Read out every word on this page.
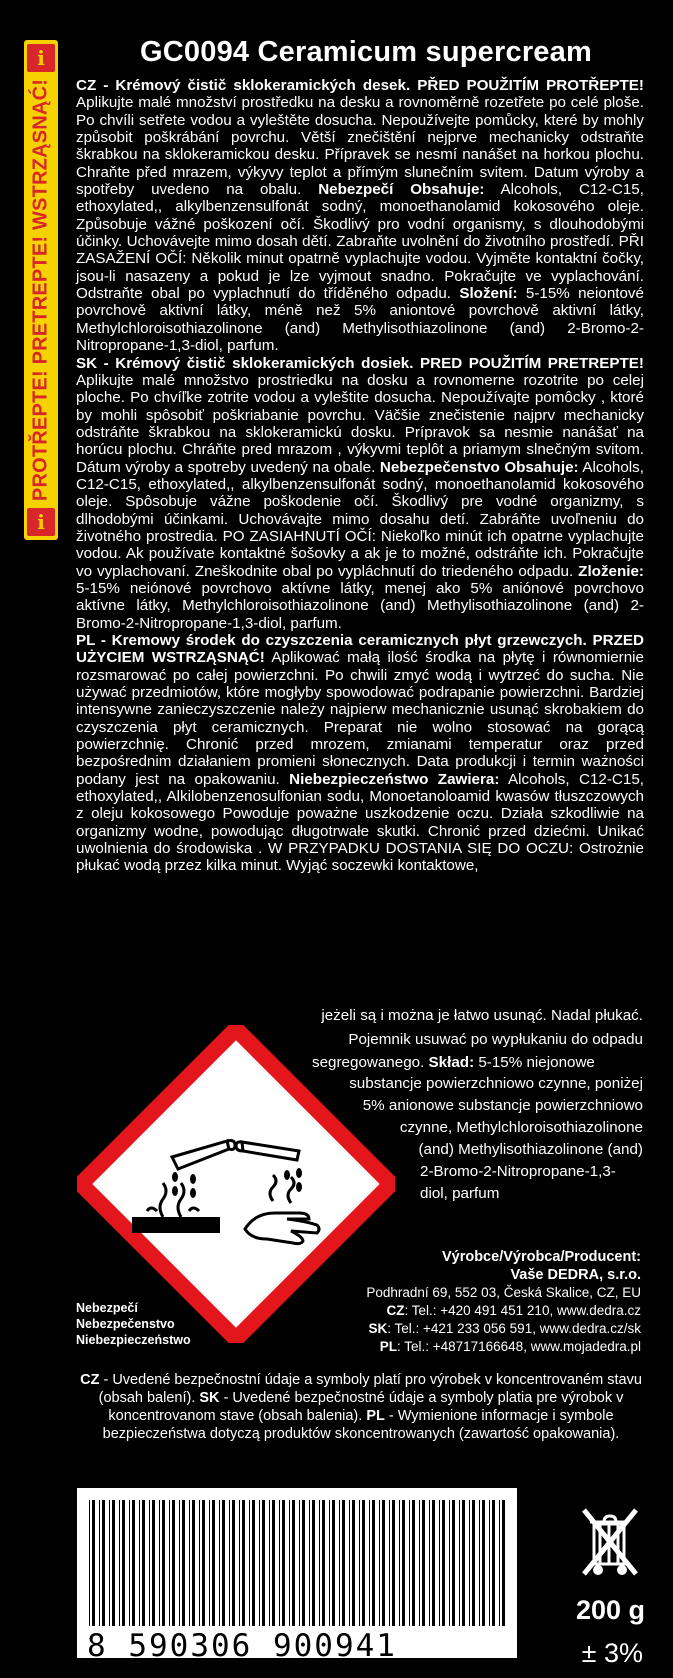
i
PROTŘEPTE! PRETREPTE! WSTRZĄSNĄĆ!
i
GC0094 Ceramicum supercream

CZ - Krémový čistič sklokeramických desek. PŘED POUŽITÍM PROTŘEPTE! Aplikujte malé množství prostředku na desku a rovnoměrně rozetřete po celé ploše. Po chvíli setřete vodou a vyleštěte dosucha. Nepoužívejte pomůcky, které by mohly způsobit poškrábání povrchu. Větší znečištění nejprve mechanicky odstraňte škrabkou na sklokeramickou desku. Přípravek se nesmí nanášet na horkou plochu. Chraňte před mrazem, výkyvy teplot a přímým slunečním svitem. Datum výroby a spotřeby uvedeno na obalu. Nebezpečí Obsahuje: Alcohols, C12-C15, ethoxylated,, alkylbenzensulfonát sodný, monoethanolamid kokosového oleje. Způsobuje vážné poškození očí. Škodlivý pro vodní organismy, s dlouhodobými účinky. Uchovávejte mimo dosah dětí. Zabraňte uvolnění do životního prostředí. PŘI ZASAŽENÍ OČÍ: Několik minut opatrně vyplachujte vodou. Vyjměte kontaktní čočky, jsou-li nasazeny a pokud je lze vyjmout snadno. Pokračujte ve vyplachování. Odstraňte obal po vyplachnutí do tříděného odpadu. Složení: 5-15% neiontové povrchově aktivní látky, méně než 5% aniontové povrchově aktivní látky, Methylchloroisothiazolinone (and) Methylisothiazolinone (and) 2-Bromo-2-Nitropropane-1,3-diol, parfum.

SK - Krémový čistič sklokeramických dosiek. PRED POUŽITÍM PRETREPTE! Aplikujte malé množstvo prostriedku na dosku a rovnomerne rozotrite po celej ploche. Po chvíľke zotrite vodou a vyleštite dosucha. Nepoužívajte pomôcky , ktoré by mohli spôsobiť poškriabanie povrchu. Väčšie znečistenie najprv mechanicky odstráňte škrabkou na sklokeramickú dosku. Prípravok sa nesmie nanášať na horúcu plochu. Chráňte pred mrazom , výkyvmi teplôt a priamym slnečným svitom. Dátum výroby a spotreby uvedený na obale. Nebezpečenstvo Obsahuje: Alcohols, C12-C15, ethoxylated,, alkylbenzensulfonát sodný, monoethanolamid kokosového oleje. Spôsobuje vážne poškodenie očí. Škodlivý pre vodné organizmy, s dlhodobými účinkami. Uchovávajte mimo dosahu detí. Zabráňte uvoľneniu do životného prostredia. PO ZASIAHNUTÍ OČÍ: Niekoľko minút ich opatrne vyplachujte vodou. Ak používate kontaktné šošovky a ak je to možné, odstráňte ich. Pokračujte vo vyplachovaní. Zneškodnite obal po vypláchnutí do triedeného odpadu. Zloženie: 5-15% neiónové povrchovo aktívne látky, menej ako 5% aniónové povrchovo aktívne látky, Methylchloroisothiazolinone (and) Methylisothiazolinone (and) 2-Bromo-2-Nitropropane-1,3-diol, parfum.

PL - Kremowy środek do czyszczenia ceramicznych płyt grzewczych. PRZED UŻYCIEM WSTRZĄSNĄĆ! Aplikować małą ilość środka na płytę i równomiernie rozsmarować po całej powierzchni. Po chwili zmyć wodą i wytrzeć do sucha. Nie używać przedmiotów, które mogłyby spowodować podrapanie powierzchni. Bardziej intensywne zanieczyszczenie należy najpierw mechanicznie usunąć skrobakiem do czyszczenia płyt ceramicznych. Preparat nie wolno stosować na gorącą powierzchnię. Chronić przed mrozem, zmianami temperatur oraz przed bezpośrednim działaniem promieni słonecznych. Data produkcji i termin ważności podany jest na opakowaniu. Niebezpieczeństwo Zawiera: Alcohols, C12-C15, ethoxylated,, Alkilobenzenosulfonian sodu, Monoetanoloamid kwasów tłuszczowych z oleju kokosowego Powoduje poważne uszkodzenie oczu. Działa szkodliwie na organizmy wodne, powodując długotrwałe skutki. Chronić przed dziećmi. Unikać uwolnienia do środowiska . W PRZYPADKU DOSTANIA SIĘ DO OCZU: Ostrożnie płukać wodą przez kilka minut. Wyjąć soczewki kontaktowe,

jeżeli są i można je łatwo usunąć. Nadal płukać.
Pojemnik usuwać po wypłukaniu do odpadu
segregowanego. Skład: 5-15% niejonowe
substancje powierzchniowo czynne, poniżej
5% anionowe substancje powierzchniowo
czynne, Methylchloroisothiazolinone
(and) Methylisothiazolinone (and)
2-Bromo-2-Nitropropane-1,3-
diol, parfum
Nebezpečí
Nebezpečenstvo
Niebezpieczeństwo
Výrobce/Výrobca/Producent:
Vaše DEDRA, s.r.o.
Podhradní 69, 552 03, Česká Skalice, CZ, EU
CZ: Tel.: +420 491 451 210, www.dedra.cz
SK: Tel.: +421 233 056 591, www.dedra.cz/sk
PL: Tel.: +48717166648, www.mojadedra.pl
CZ - Uvedené bezpečnostní údaje a symboly platí pro výrobek v koncentrovaném stavu (obsah balení). SK - Uvedené bezpečnostné údaje a symboly platia pre výrobok v koncentrovanom stave (obsah balenia). PL - Wymienione informacje i symbole bezpieczeństwa dotyczą produktów skoncentrowanych (zawartość opakowania).
8 590306 900941
200 g
± 3%
